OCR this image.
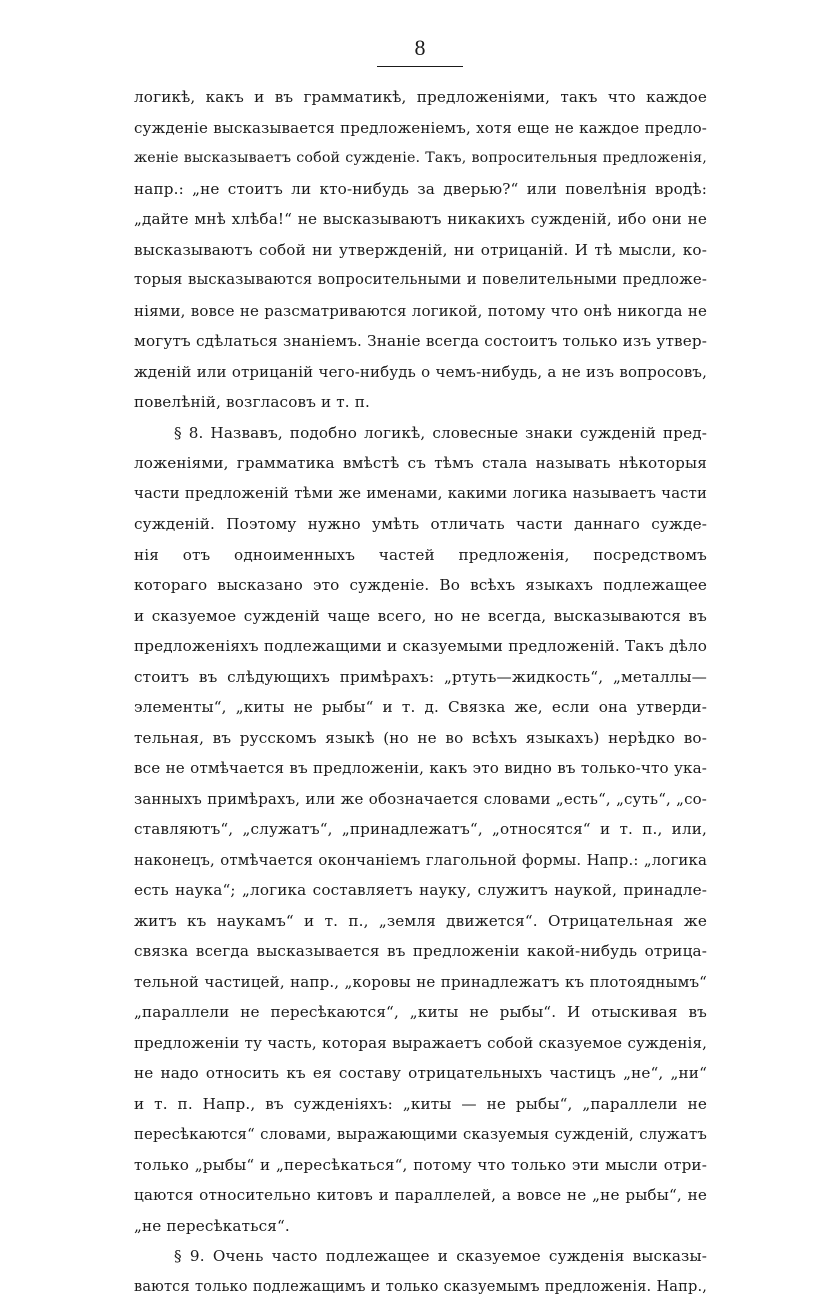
8
логикѣ, какъ и въ грамматикѣ, предложеніями, такъ что каждое
сужденіе высказывается предложеніемъ, хотя еще не каждое предло-
женіе высказываетъ собой сужденіе. Такъ, вопросительныя предложенія,
напр.: „не стоитъ ли кто-нибудь за дверью?“ или повелѣнія вродѣ:
„дайте мнѣ хлѣба!“ не высказываютъ никакихъ сужденій, ибо они не
высказываютъ собой ни утвержденій, ни отрицаній. И тѣ мысли, ко-
торыя высказываются вопросительными и повелительными предложе-
ніями, вовсе не разсматриваются логикой, потому что онѣ никогда не
могутъ сдѣлаться знаніемъ. Знаніе всегда состоитъ только изъ утвер-
жденій или отрицаній чего-нибудь о чемъ-нибудь, а не изъ вопросовъ,
повелѣній, возгласовъ и т. п.
§ 8. Назвавъ, подобно логикѣ, словесные знаки сужденій пред-
ложеніями, грамматика вмѣстѣ съ тѣмъ стала называть нѣкоторыя
части предложеній тѣми же именами, какими логика называетъ части
сужденій. Поэтому нужно умѣть отличать части даннаго сужде-
нія отъ одноименныхъ частей предложенія, посредствомъ
котораго высказано это сужденіе. Во всѣхъ языкахъ подлежащее
и сказуемое сужденій чаще всего, но не всегда, высказываются въ
предложеніяхъ подлежащими и сказуемыми предложеній. Такъ дѣло
стоитъ въ слѣдующихъ примѣрахъ: „ртуть—жидкость“, „металлы—
элементы“, „киты не рыбы“ и т. д. Связка же, если она утверди-
тельная, въ русскомъ языкѣ (но не во всѣхъ языкахъ) нерѣдко во-
все не отмѣчается въ предложеніи, какъ это видно въ только-что ука-
занныхъ примѣрахъ, или же обозначается словами „есть“, „суть“, „со-
ставляютъ“, „служатъ“, „принадлежатъ“, „относятся“ и т. п., или,
наконецъ, отмѣчается окончаніемъ глагольной формы. Напр.: „логика
есть наука“; „логика составляетъ науку, служитъ наукой, принадле-
житъ къ наукамъ“ и т. п., „земля движется“. Отрицательная же
связка всегда высказывается въ предложеніи какой-нибудь отрица-
тельной частицей, напр., „коровы не принадлежатъ къ плотояднымъ“
„параллели не пересѣкаются“, „киты не рыбы“. И отыскивая въ
предложеніи ту часть, которая выражаетъ собой сказуемое сужденія,
не надо относить къ ея составу отрицательныхъ частицъ „не“, „ни“
и т. п. Напр., въ сужденіяхъ: „киты — не рыбы“, „параллели не
пересѣкаются“ словами, выражающими сказуемыя сужденій, служатъ
только „рыбы“ и „пересѣкаться“, потому что только эти мысли отри-
цаются относительно китовъ и параллелей, а вовсе не „не рыбы“, не
„не пересѣкаться“.
§ 9. Очень часто подлежащее и сказуемое сужденія высказы-
ваются только подлежащимъ и только сказуемымъ предложенія. Напр.,
